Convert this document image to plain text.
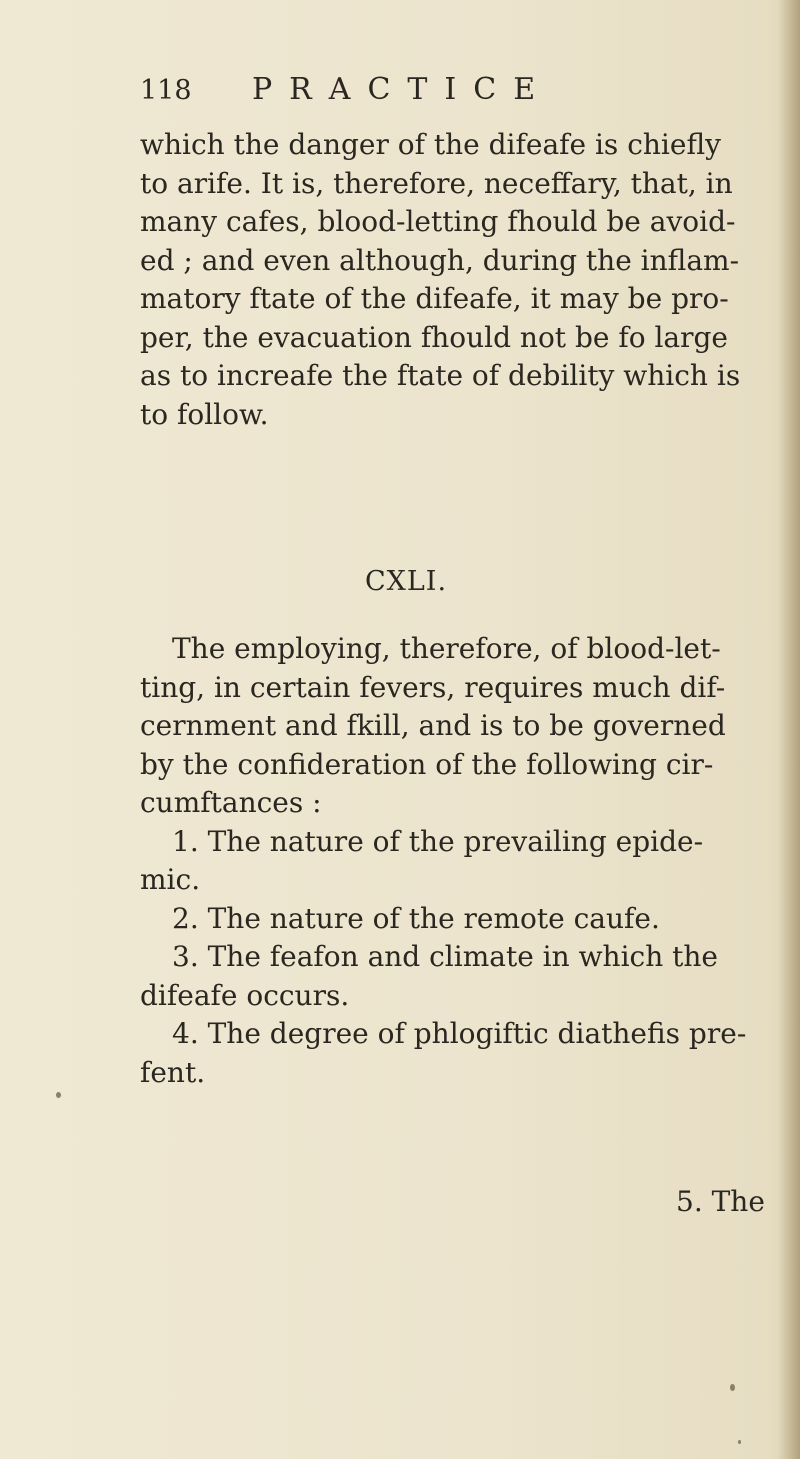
118	PRACTICE
which the danger of the difeafe is chiefly
to arife. It is, therefore, neceffary, that, in
many cafes, blood-letting fhould be avoid-
ed ; and even although, during the inflam-
matory ftate of the difeafe, it may be pro-
per, the evacuation fhould not be fo large
as to increafe the ftate of debility which is
to follow.
CXLI.
The employing, therefore, of blood-let-
ting, in certain fevers, requires much dif-
cernment and fkill, and is to be governed
by the confideration of the following cir-
cumftances :
1. The nature of the prevailing epide-
mic.
2. The nature of the remote caufe.
3. The feafon and climate in which the
difeafe occurs.
4. The degree of phlogiftic diathefis pre-
fent.
5. The
